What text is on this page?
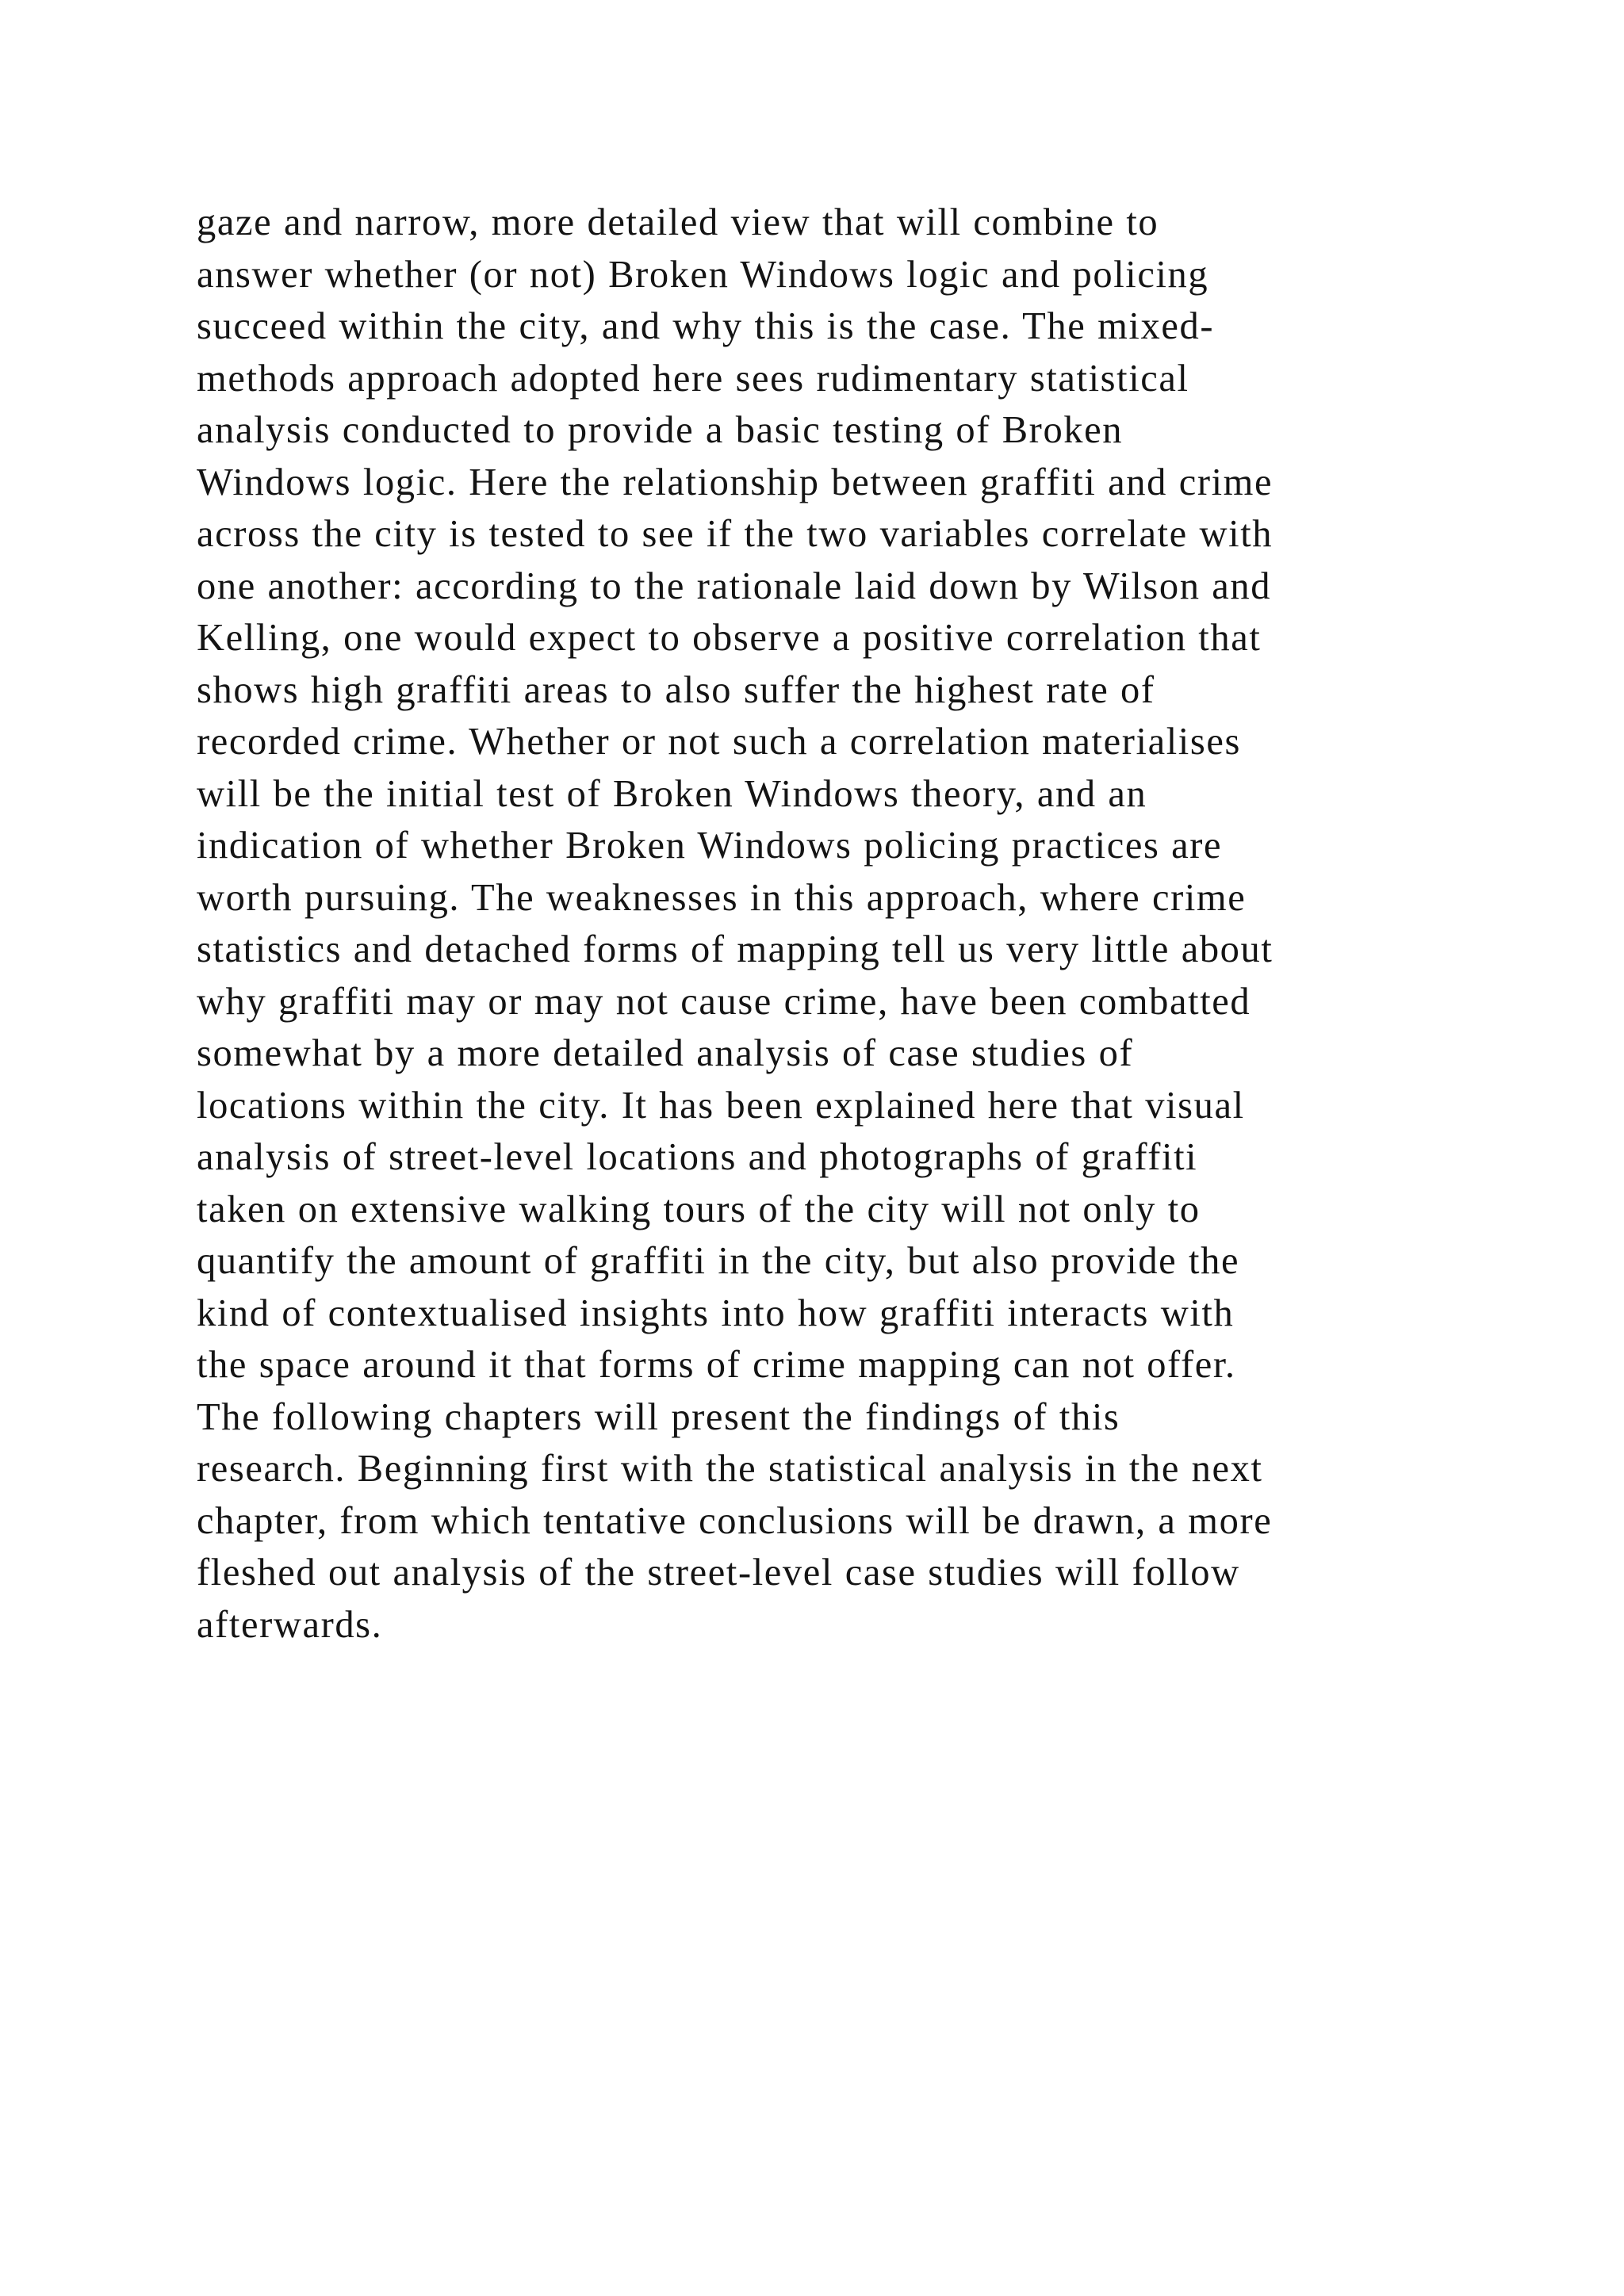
gaze and narrow, more detailed view that will combine to
answer whether (or not) Broken Windows logic and policing
succeed within the city, and why this is the case. The mixed-
methods approach adopted here sees rudimentary statistical
analysis conducted to provide a basic testing of Broken
Windows logic. Here the relationship between graffiti and crime
across the city is tested to see if the two variables correlate with
one another: according to the rationale laid down by Wilson and
Kelling, one would expect to observe a positive correlation that
shows high graffiti areas to also suffer the highest rate of
recorded crime. Whether or not such a correlation materialises
will be the initial test of Broken Windows theory, and an
indication of whether Broken Windows policing practices are
worth pursuing. The weaknesses in this approach, where crime
statistics and detached forms of mapping tell us very little about
why graffiti may or may not cause crime, have been combatted
somewhat by a more detailed analysis of case studies of
locations within the city. It has been explained here that visual
analysis of street-level locations and photographs of graffiti
taken on extensive walking tours of the city will not only to
quantify the amount of graffiti in the city, but also provide the
kind of contextualised insights into how graffiti interacts with
the space around it that forms of crime mapping can not offer.
The following chapters will present the findings of this
research. Beginning first with the statistical analysis in the next
chapter, from which tentative conclusions will be drawn, a more
fleshed out analysis of the street-level case studies will follow
afterwards.
